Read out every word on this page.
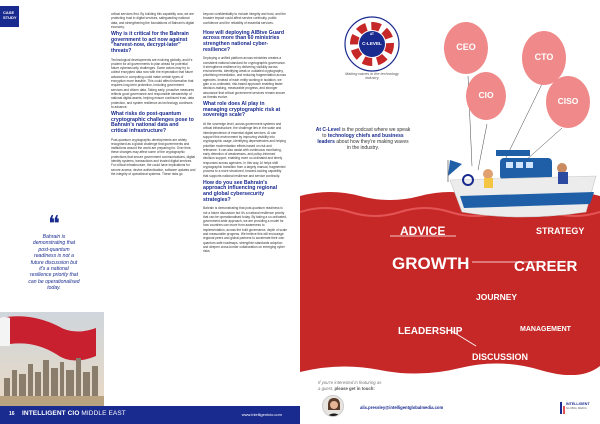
CASE STUDY

critical services first. By building this capability now, we are protecting trust in digital services, safeguarding national data, and strengthening the foundations of Bahrain's digital economy.

Why is it critical for the Bahrain government to act now against "harvest-now, decrypt-later" threats?

Technological developments are evolving globally, and it's prudent for all governments to plan ahead for potential future cybersecurity challenges. Some actors may try to collect encrypted data now with the expectation that future advances in computing could make certain types of encryption more feasible. This could affect information that requires long-term protection, including government services and citizen data. Taking early, proactive measures reflects good governance and responsible stewardship of national digital assets, helping ensure continued trust, data protection, and system resilience as technology continues to advance.

What risks do post-quantum cryptographic challenges pose to Bahrain's national data and critical infrastructure?

Post-quantum cryptographic developments are widely recognised as a global challenge that governments and institutions around the world are preparing for. Over time, these changes may affect some of the cryptographic protections that secure government communications, digital identity systems, transactions and trusted digital services. For critical infrastructure, the could have implications for secure access, device authentication, software updates and the integrity of operational systems. These risks go

beyond confidentiality to include integrity and trust, and the broader impact could affect service continuity, public confidence and the reliability of essential services.

How will deploying AIBtve Guard across more than 60 ministries strengthen national cyber-resilience?

Deploying a unified platform across ministries creates a consistent national standard for cryptographic governance. It strengthens resilience by delivering visibility across environments, identifying weak or outdated cryptography, prioritising remediation, and reducing fragmentation across agencies. Instead of each entity working in isolation, we gain a co-ordinated, risk-based approach enabling faster decision-making, measurable progress, and stronger assurance that critical government services remain secure as threats evolve.

What role does AI play in managing cryptographic risk at sovereign scale?

At the sovereign level, across government systems and critical infrastructure, the challenge lies in the scale and interdependence of essential digital services. AI can support this environment by improving visibility into cryptographic usage, identifying dependencies and helping prioritise modernisation efforts based on risk and relevance. It can also assist with continuous monitoring, early detection of weaknesses, and policy-informed decision support, enabling more co-ordinated and timely responses across agencies. In this way, AI helps shift cryptographic transition from a largely manual, fragmented process to a more structured, forward-looking capability that supports national resilience and service continuity.

How do you see Bahrain's approach influencing regional and global cybersecurity strategies?

Bahrain is demonstrating that post-quantum readiness is not a future discussion but it's a national resilience priority that can be operationalised today. By taking a co-ordinated, government-wide approach, we are providing a model for how countries can move from awareness to implementation, across the built governance, depth of scale and measurable progress. We believe this will encourage regional peers and global partners to accelerate their own quantum-safe roadmaps, strengthen standards adoption and deepen cross-border collaboration on emerging cyber risks.

❝
Bahrain is demonstrating that post-quantum readiness is not a future discussion but it's a national resilience priority that can be operationalised today.
16 INTELLIGENT CIO MIDDLE EAST	www.intelligentcio.com
CEO
CTO
CIO
CISO
AT
C-LEVEL
Making waves in the technology industry
At C-Level is the podcast where we speak to technology chiefs and business leaders about how they're making waves in the industry.
ADVICE	STRATEGY
GROWTH	CAREER
JOURNEY
LEADERSHIP	MANAGEMENT
DISCUSSION
If you're interested in featuring as
a guest, please get in touch:
alix.pressley@intelligentglobalmedia.com
INTELLIGENT
GLOBAL MEDIA
